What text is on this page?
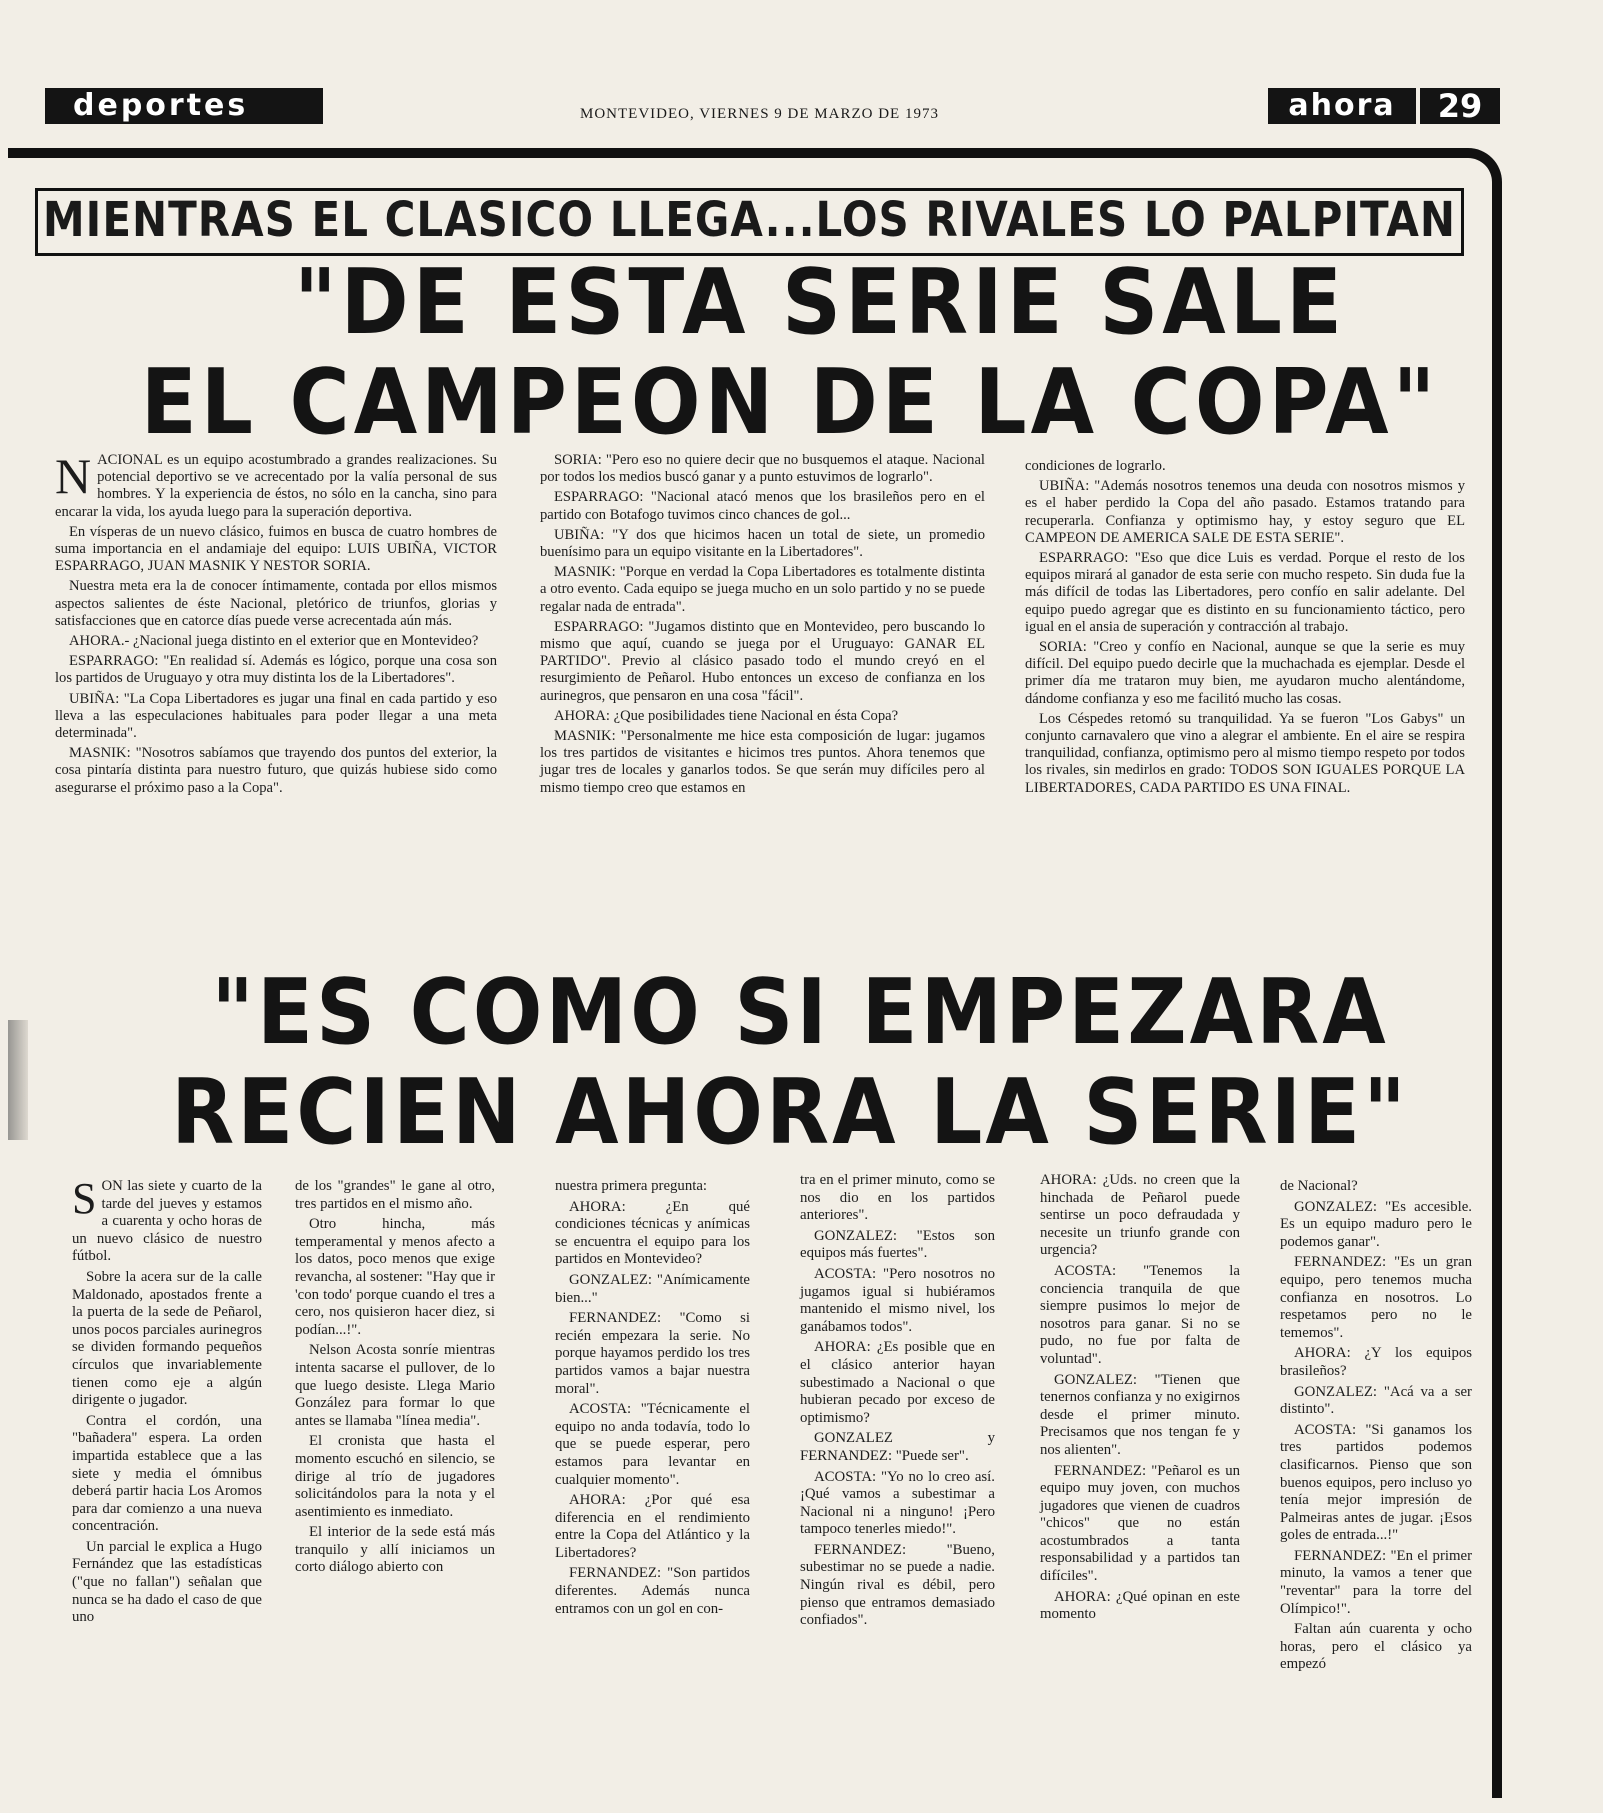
deportes	MONTEVIDEO, VIERNES 9 DE MARZO DE 1973	ahora	29
MIENTRAS EL CLASICO LLEGA...LOS RIVALES LO PALPITAN
"DE ESTA SERIE SALE
EL CAMPEON DE LA COPA"

NACIONAL es un equipo acostumbrado a grandes realizaciones. Su potencial deportivo se ve acrecentado por la valía personal de sus hombres. Y la experiencia de éstos, no sólo en la cancha, sino para encarar la vida, los ayuda luego para la superación deportiva.

En vísperas de un nuevo clásico, fuimos en busca de cuatro hombres de suma importancia en el andamiaje del equipo: LUIS UBIÑA, VICTOR ESPARRAGO, JUAN MASNIK Y NESTOR SORIA.

Nuestra meta era la de conocer íntimamente, contada por ellos mismos aspectos salientes de éste Nacional, pletórico de triunfos, glorias y satisfacciones que en catorce días puede verse acrecentada aún más.

AHORA.- ¿Nacional juega distinto en el exterior que en Montevideo?

ESPARRAGO: "En realidad sí. Además es lógico, porque una cosa son los partidos de Uruguayo y otra muy distinta los de la Libertadores".

UBIÑA: "La Copa Libertadores es jugar una final en cada partido y eso lleva a las especulaciones habituales para poder llegar a una meta determinada".

MASNIK: "Nosotros sabíamos que trayendo dos puntos del exterior, la cosa pintaría distinta para nuestro futuro, que quizás hubiese sido como asegurarse el próximo paso a la Copa".

SORIA: "Pero eso no quiere decir que no busquemos el ataque. Nacional por todos los medios buscó ganar y a punto estuvimos de lograrlo".

ESPARRAGO: "Nacional atacó menos que los brasileños pero en el partido con Botafogo tuvimos cinco chances de gol...

UBIÑA: "Y dos que hicimos hacen un total de siete, un promedio buenísimo para un equipo visitante en la Libertadores".

MASNIK: "Porque en verdad la Copa Libertadores es totalmente distinta a otro evento. Cada equipo se juega mucho en un solo partido y no se puede regalar nada de entrada".

ESPARRAGO: "Jugamos distinto que en Montevideo, pero buscando lo mismo que aquí, cuando se juega por el Uruguayo: GANAR EL PARTIDO". Previo al clásico pasado todo el mundo creyó en el resurgimiento de Peñarol. Hubo entonces un exceso de confianza en los aurinegros, que pensaron en una cosa "fácil".

AHORA: ¿Que posibilidades tiene Nacional en ésta Copa?

MASNIK: "Personalmente me hice esta composición de lugar: jugamos los tres partidos de visitantes e hicimos tres puntos. Ahora tenemos que jugar tres de locales y ganarlos todos. Se que serán muy difíciles pero al mismo tiempo creo que estamos en

condiciones de lograrlo.

UBIÑA: "Además nosotros tenemos una deuda con nosotros mismos y es el haber perdido la Copa del año pasado. Estamos tratando para recuperarla. Confianza y optimismo hay, y estoy seguro que EL CAMPEON DE AMERICA SALE DE ESTA SERIE".

ESPARRAGO: "Eso que dice Luis es verdad. Porque el resto de los equipos mirará al ganador de esta serie con mucho respeto. Sin duda fue la más difícil de todas las Libertadores, pero confío en salir adelante. Del equipo puedo agregar que es distinto en su funcionamiento táctico, pero igual en el ansia de superación y contracción al trabajo.

SORIA: "Creo y confío en Nacional, aunque se que la serie es muy difícil. Del equipo puedo decirle que la muchachada es ejemplar. Desde el primer día me trataron muy bien, me ayudaron mucho alentándome, dándome confianza y eso me facilitó mucho las cosas.

Los Céspedes retomó su tranquilidad. Ya se fueron "Los Gabys" un conjunto carnavalero que vino a alegrar el ambiente. En el aire se respira tranquilidad, confianza, optimismo pero al mismo tiempo respeto por todos los rivales, sin medirlos en grado: TODOS SON IGUALES PORQUE LA LIBERTADORES, CADA PARTIDO ES UNA FINAL.

"ES COMO SI EMPEZARA
RECIEN AHORA LA SERIE"

SON las siete y cuarto de la tarde del jueves y estamos a cuarenta y ocho horas de un nuevo clásico de nuestro fútbol.

Sobre la acera sur de la calle Maldonado, apostados frente a la puerta de la sede de Peñarol, unos pocos parciales aurinegros se dividen formando pequeños círculos que invariablemente tienen como eje a algún dirigente o jugador.

Contra el cordón, una "bañadera" espera. La orden impartida establece que a las siete y media el ómnibus deberá partir hacia Los Aromos para dar comienzo a una nueva concentración.

Un parcial le explica a Hugo Fernández que las estadísticas ("que no fallan") señalan que nunca se ha dado el caso de que uno

de los "grandes" le gane al otro, tres partidos en el mismo año.

Otro hincha, más temperamental y menos afecto a los datos, poco menos que exige revancha, al sostener: "Hay que ir 'con todo' porque cuando el tres a cero, nos quisieron hacer diez, si podían...!".

Nelson Acosta sonríe mientras intenta sacarse el pullover, de lo que luego desiste. Llega Mario González para formar lo que antes se llamaba "línea media".

El cronista que hasta el momento escuchó en silencio, se dirige al trío de jugadores solicitándolos para la nota y el asentimiento es inmediato.

El interior de la sede está más tranquilo y allí iniciamos un corto diálogo abierto con

nuestra primera pregunta:

AHORA: ¿En qué condiciones técnicas y anímicas se encuentra el equipo para los partidos en Montevideo?

GONZALEZ: "Anímicamente bien..."

FERNANDEZ: "Como si recién empezara la serie. No porque hayamos perdido los tres partidos vamos a bajar nuestra moral".

ACOSTA: "Técnicamente el equipo no anda todavía, todo lo que se puede esperar, pero estamos para levantar en cualquier momento".

AHORA: ¿Por qué esa diferencia en el rendimiento entre la Copa del Atlántico y la Libertadores?

FERNANDEZ: "Son partidos diferentes. Además nunca entramos con un gol en con-

tra en el primer minuto, como se nos dio en los partidos anteriores".

GONZALEZ: "Estos son equipos más fuertes".

ACOSTA: "Pero nosotros no jugamos igual si hubiéramos mantenido el mismo nivel, los ganábamos todos".

AHORA: ¿Es posible que en el clásico anterior hayan subestimado a Nacional o que hubieran pecado por exceso de optimismo?

GONZALEZ y FERNANDEZ: "Puede ser".

ACOSTA: "Yo no lo creo así. ¡Qué vamos a subestimar a Nacional ni a ninguno! ¡Pero tampoco tenerles miedo!".

FERNANDEZ: "Bueno, subestimar no se puede a nadie. Ningún rival es débil, pero pienso que entramos demasiado confiados".

AHORA: ¿Uds. no creen que la hinchada de Peñarol puede sentirse un poco defraudada y necesite un triunfo grande con urgencia?

ACOSTA: "Tenemos la conciencia tranquila de que siempre pusimos lo mejor de nosotros para ganar. Si no se pudo, no fue por falta de voluntad".

GONZALEZ: "Tienen que tenernos confianza y no exigirnos desde el primer minuto. Precisamos que nos tengan fe y nos alienten".

FERNANDEZ: "Peñarol es un equipo muy joven, con muchos jugadores que vienen de cuadros "chicos" que no están acostumbrados a tanta responsabilidad y a partidos tan difíciles".

AHORA: ¿Qué opinan en este momento

de Nacional?

GONZALEZ: "Es accesible. Es un equipo maduro pero le podemos ganar".

FERNANDEZ: "Es un gran equipo, pero tenemos mucha confianza en nosotros. Lo respetamos pero no le tememos".

AHORA: ¿Y los equipos brasileños?

GONZALEZ: "Acá va a ser distinto".

ACOSTA: "Si ganamos los tres partidos podemos clasificarnos. Pienso que son buenos equipos, pero incluso yo tenía mejor impresión de Palmeiras antes de jugar. ¡Esos goles de entrada...!"

FERNANDEZ: "En el primer minuto, la vamos a tener que "reventar" para la torre del Olímpico!".

Faltan aún cuarenta y ocho horas, pero el clásico ya empezó
